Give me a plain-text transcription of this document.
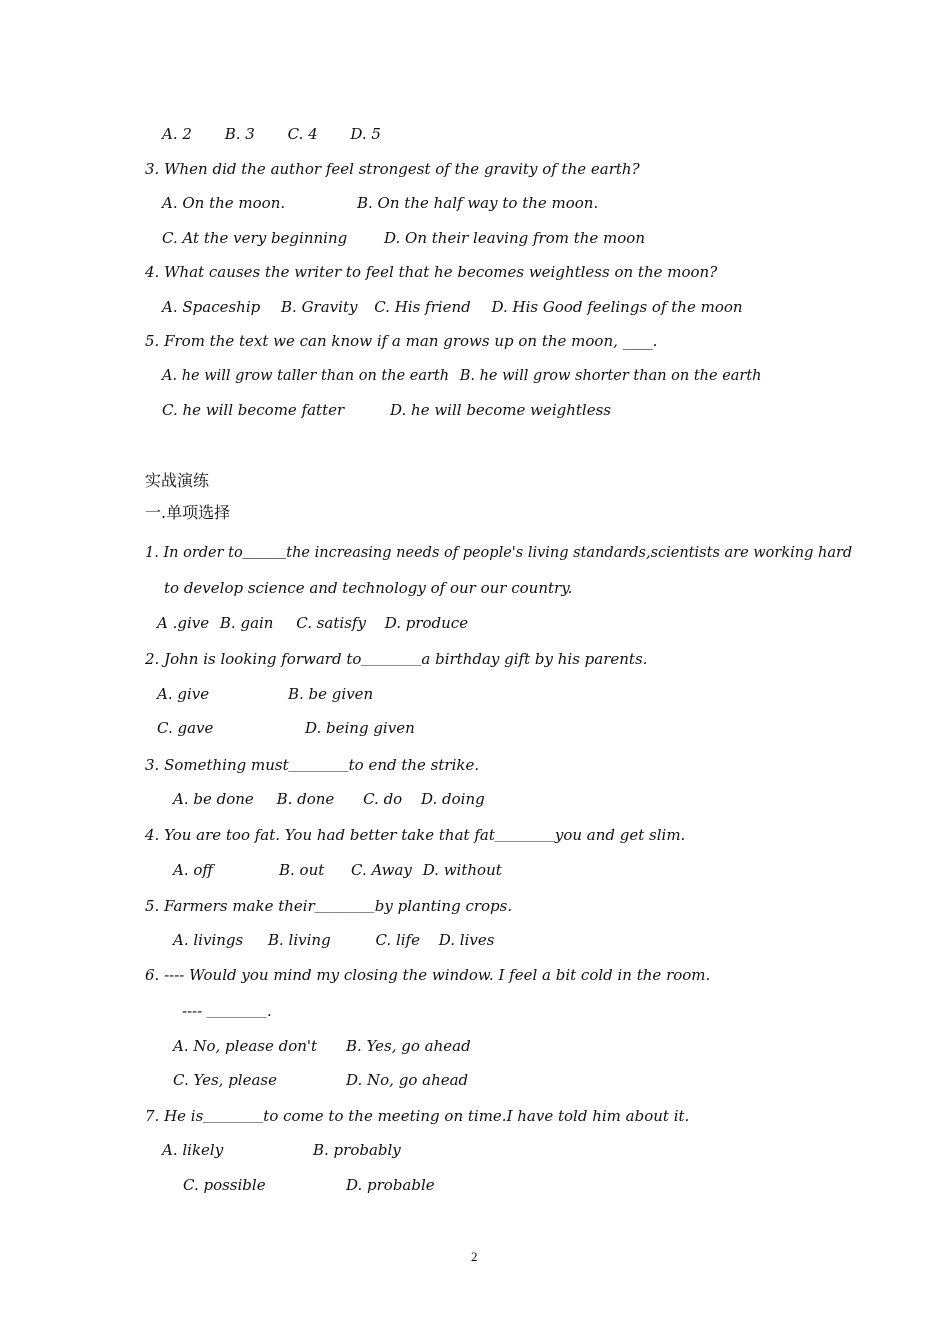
A. 2 B. 3 C. 4 D. 5
3. When did the author feel strongest of the gravity of the earth?
A. On the moon.	B. On the half way to the moon.
C. At the very beginning D. On their leaving from the moon
4. What causes the writer to feel that he becomes weightless on the moon?
A. Spaceship B. Gravity C. His friend D. His Good feelings of the moon
5. From the text we can know if a man grows up on the moon, ____.
A. he will grow taller than on the earth B. he will grow shorter than on the earth
C. he will become fatter	D. he will become weightless
实战演练
一.单项选择
1. In order to＿＿＿the increasing needs of people's living standards,scientists are working hard
to develop science and technology of our our country.
A .give B. gain C. satisfy D. produce
2. John is looking forward to＿＿＿＿a birthday gift by his parents.
A. give	B. be given
C. gave	D. being given
3. Something must＿＿＿＿to end the strike.
A. be done B. done C. do D. doing
4. You are too fat. You had better take that fat＿＿＿＿you and get slim.
A. off	B. out C. Away D. without
5. Farmers make their＿＿＿＿by planting crops.
A. livings B. living	C. life D. lives
6. ---- Would you mind my closing the window. I feel a bit cold in the room.
---- ＿＿＿＿.
A. No, please don't B. Yes, go ahead
C. Yes, please	D. No, go ahead
7. He is＿＿＿＿to come to the meeting on time.I have told him about it.
A. likely	B. probably
C. possible	D. probable
2
